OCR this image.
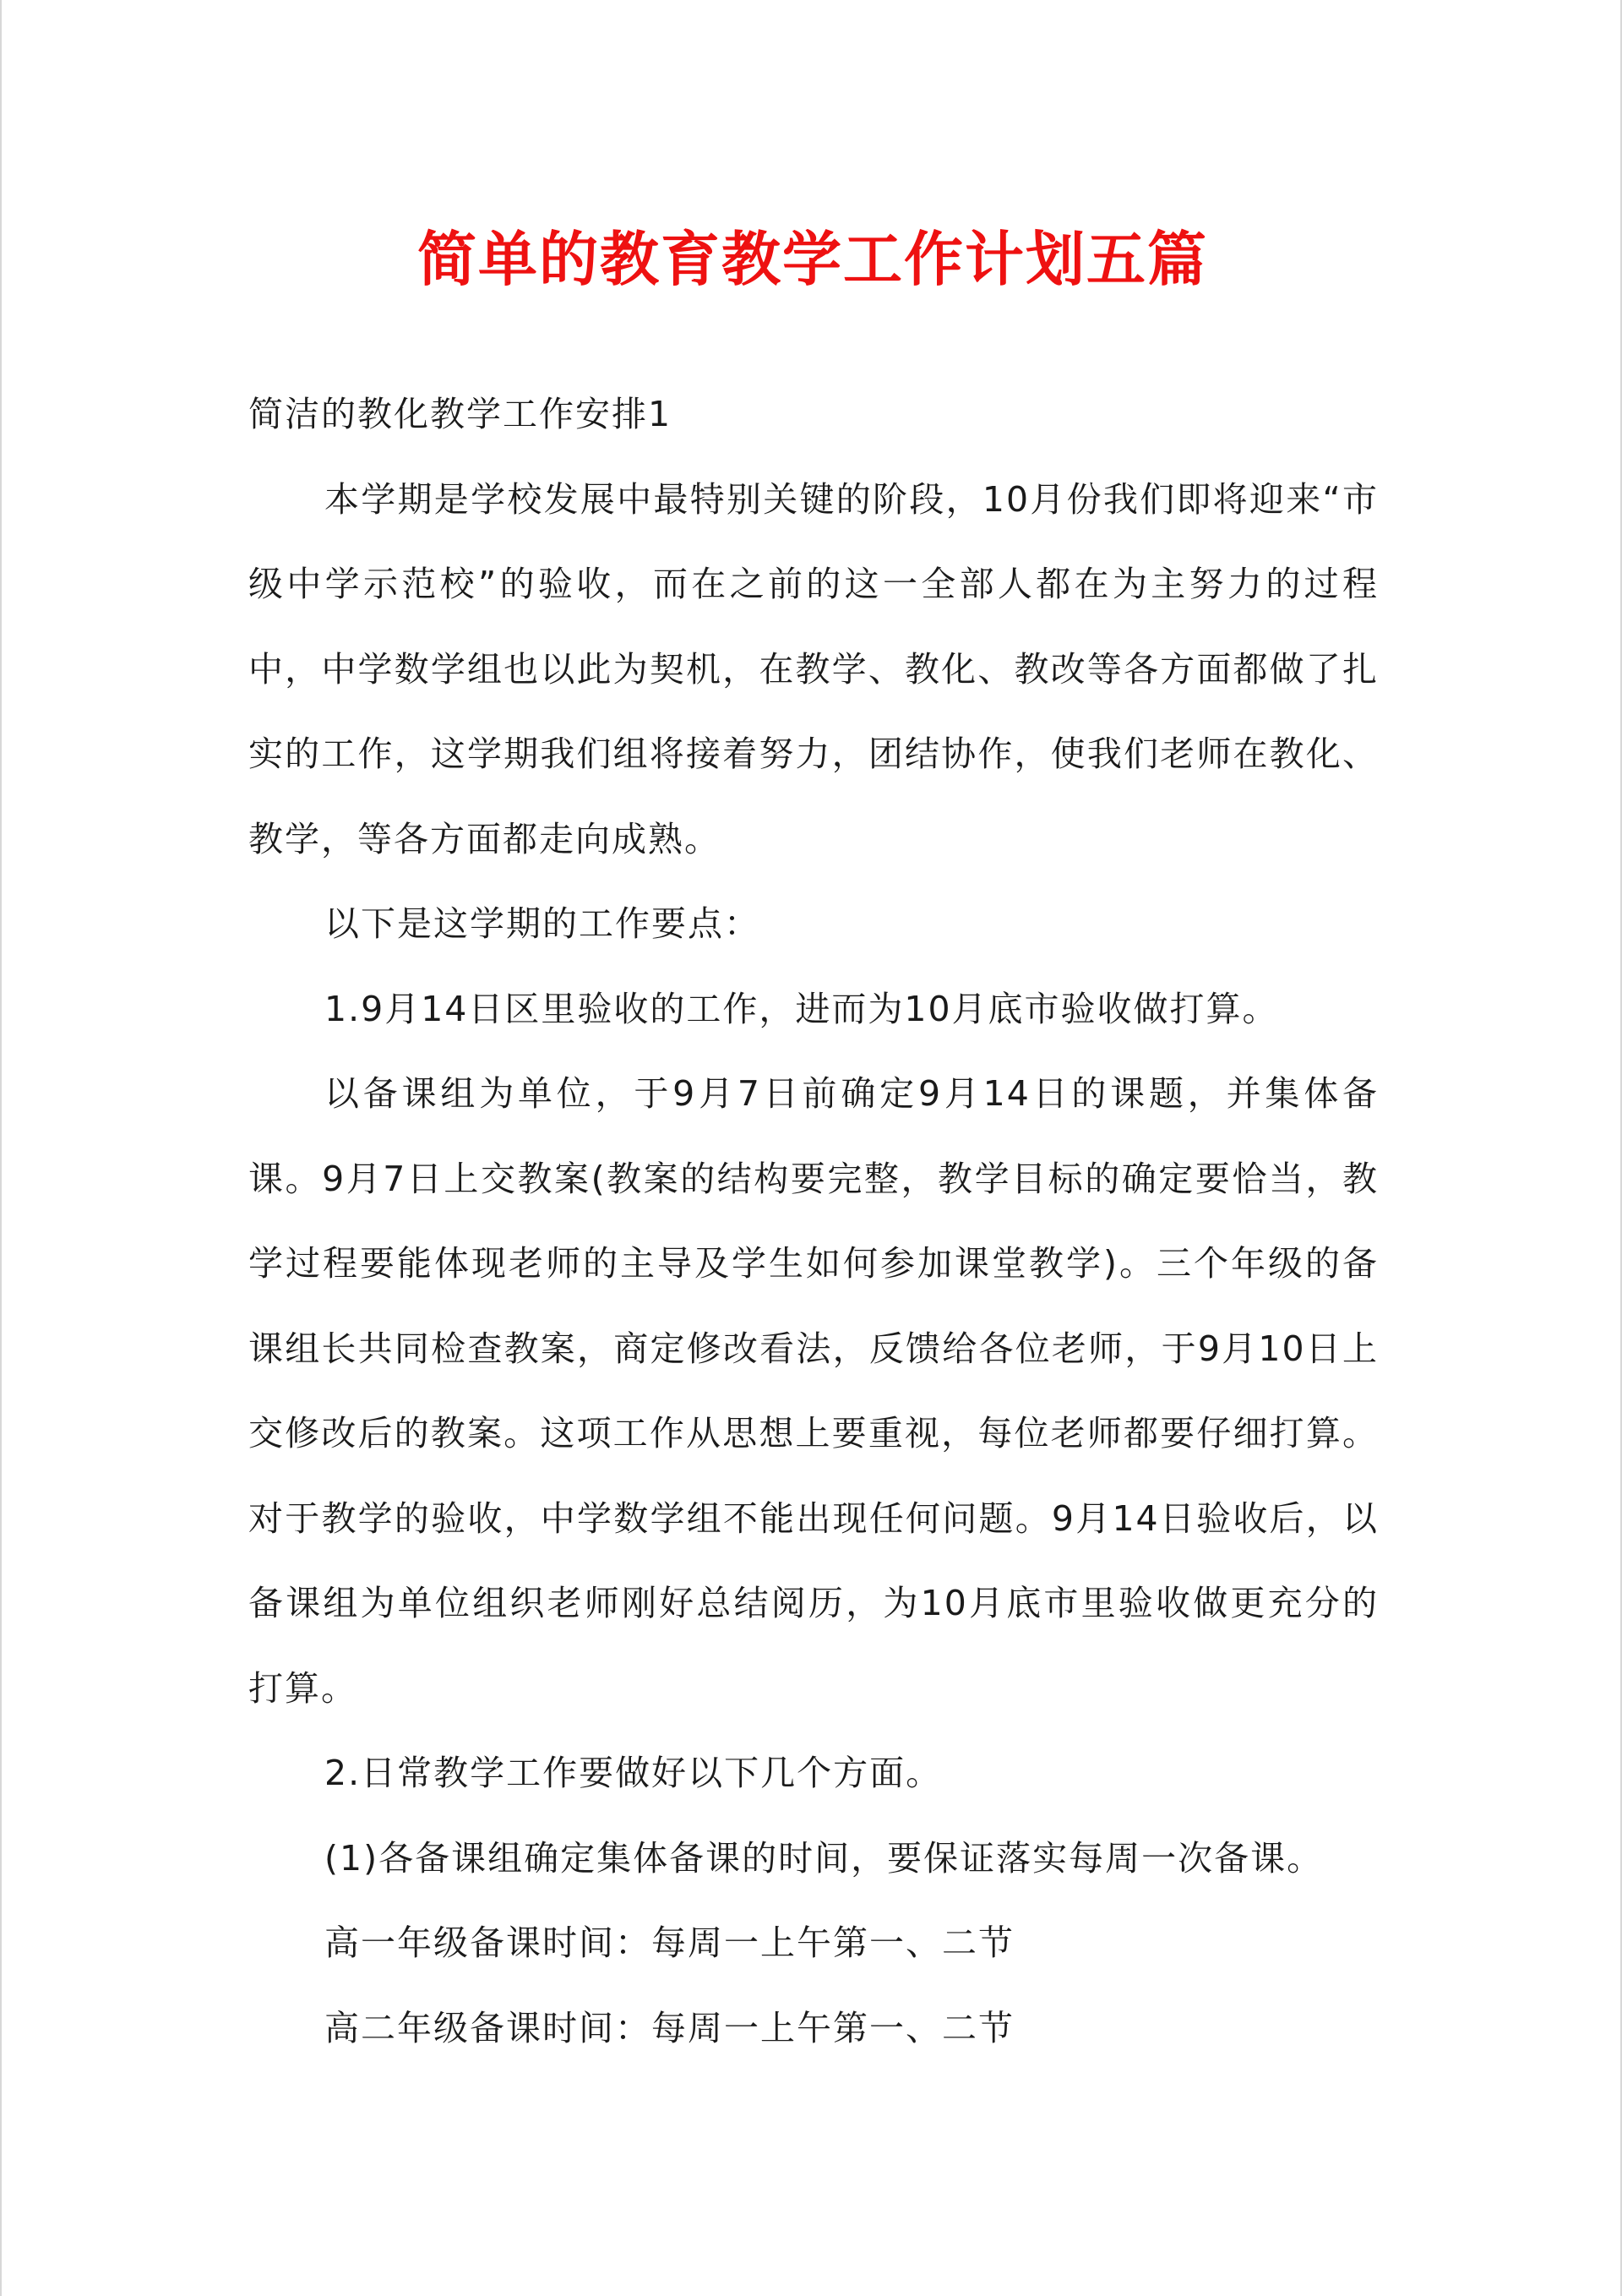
简单的教育教学工作计划五篇

简洁的教化教学工作安排1

本学期是学校发展中最特别关键的阶段，10月份我们即将迎来“市级中学示范校”的验收，而在之前的这一全部人都在为主努力的过程中，中学数学组也以此为契机，在教学、教化、教改等各方面都做了扎实的工作，这学期我们组将接着努力，团结协作，使我们老师在教化、教学，等各方面都走向成熟。

以下是这学期的工作要点：

1.9月14日区里验收的工作，进而为10月底市验收做打算。

以备课组为单位，于9月7日前确定9月14日的课题，并集体备课。9月7日上交教案(教案的结构要完整，教学目标的确定要恰当，教学过程要能体现老师的主导及学生如何参加课堂教学)。三个年级的备课组长共同检查教案，商定修改看法，反馈给各位老师，于9月10日上交修改后的教案。这项工作从思想上要重视，每位老师都要仔细打算。对于教学的验收，中学数学组不能出现任何问题。9月14日验收后，以备课组为单位组织老师刚好总结阅历，为10月底市里验收做更充分的打算。

2.日常教学工作要做好以下几个方面。

(1)各备课组确定集体备课的时间，要保证落实每周一次备课。

高一年级备课时间：每周一上午第一、二节

高二年级备课时间：每周一上午第一、二节
